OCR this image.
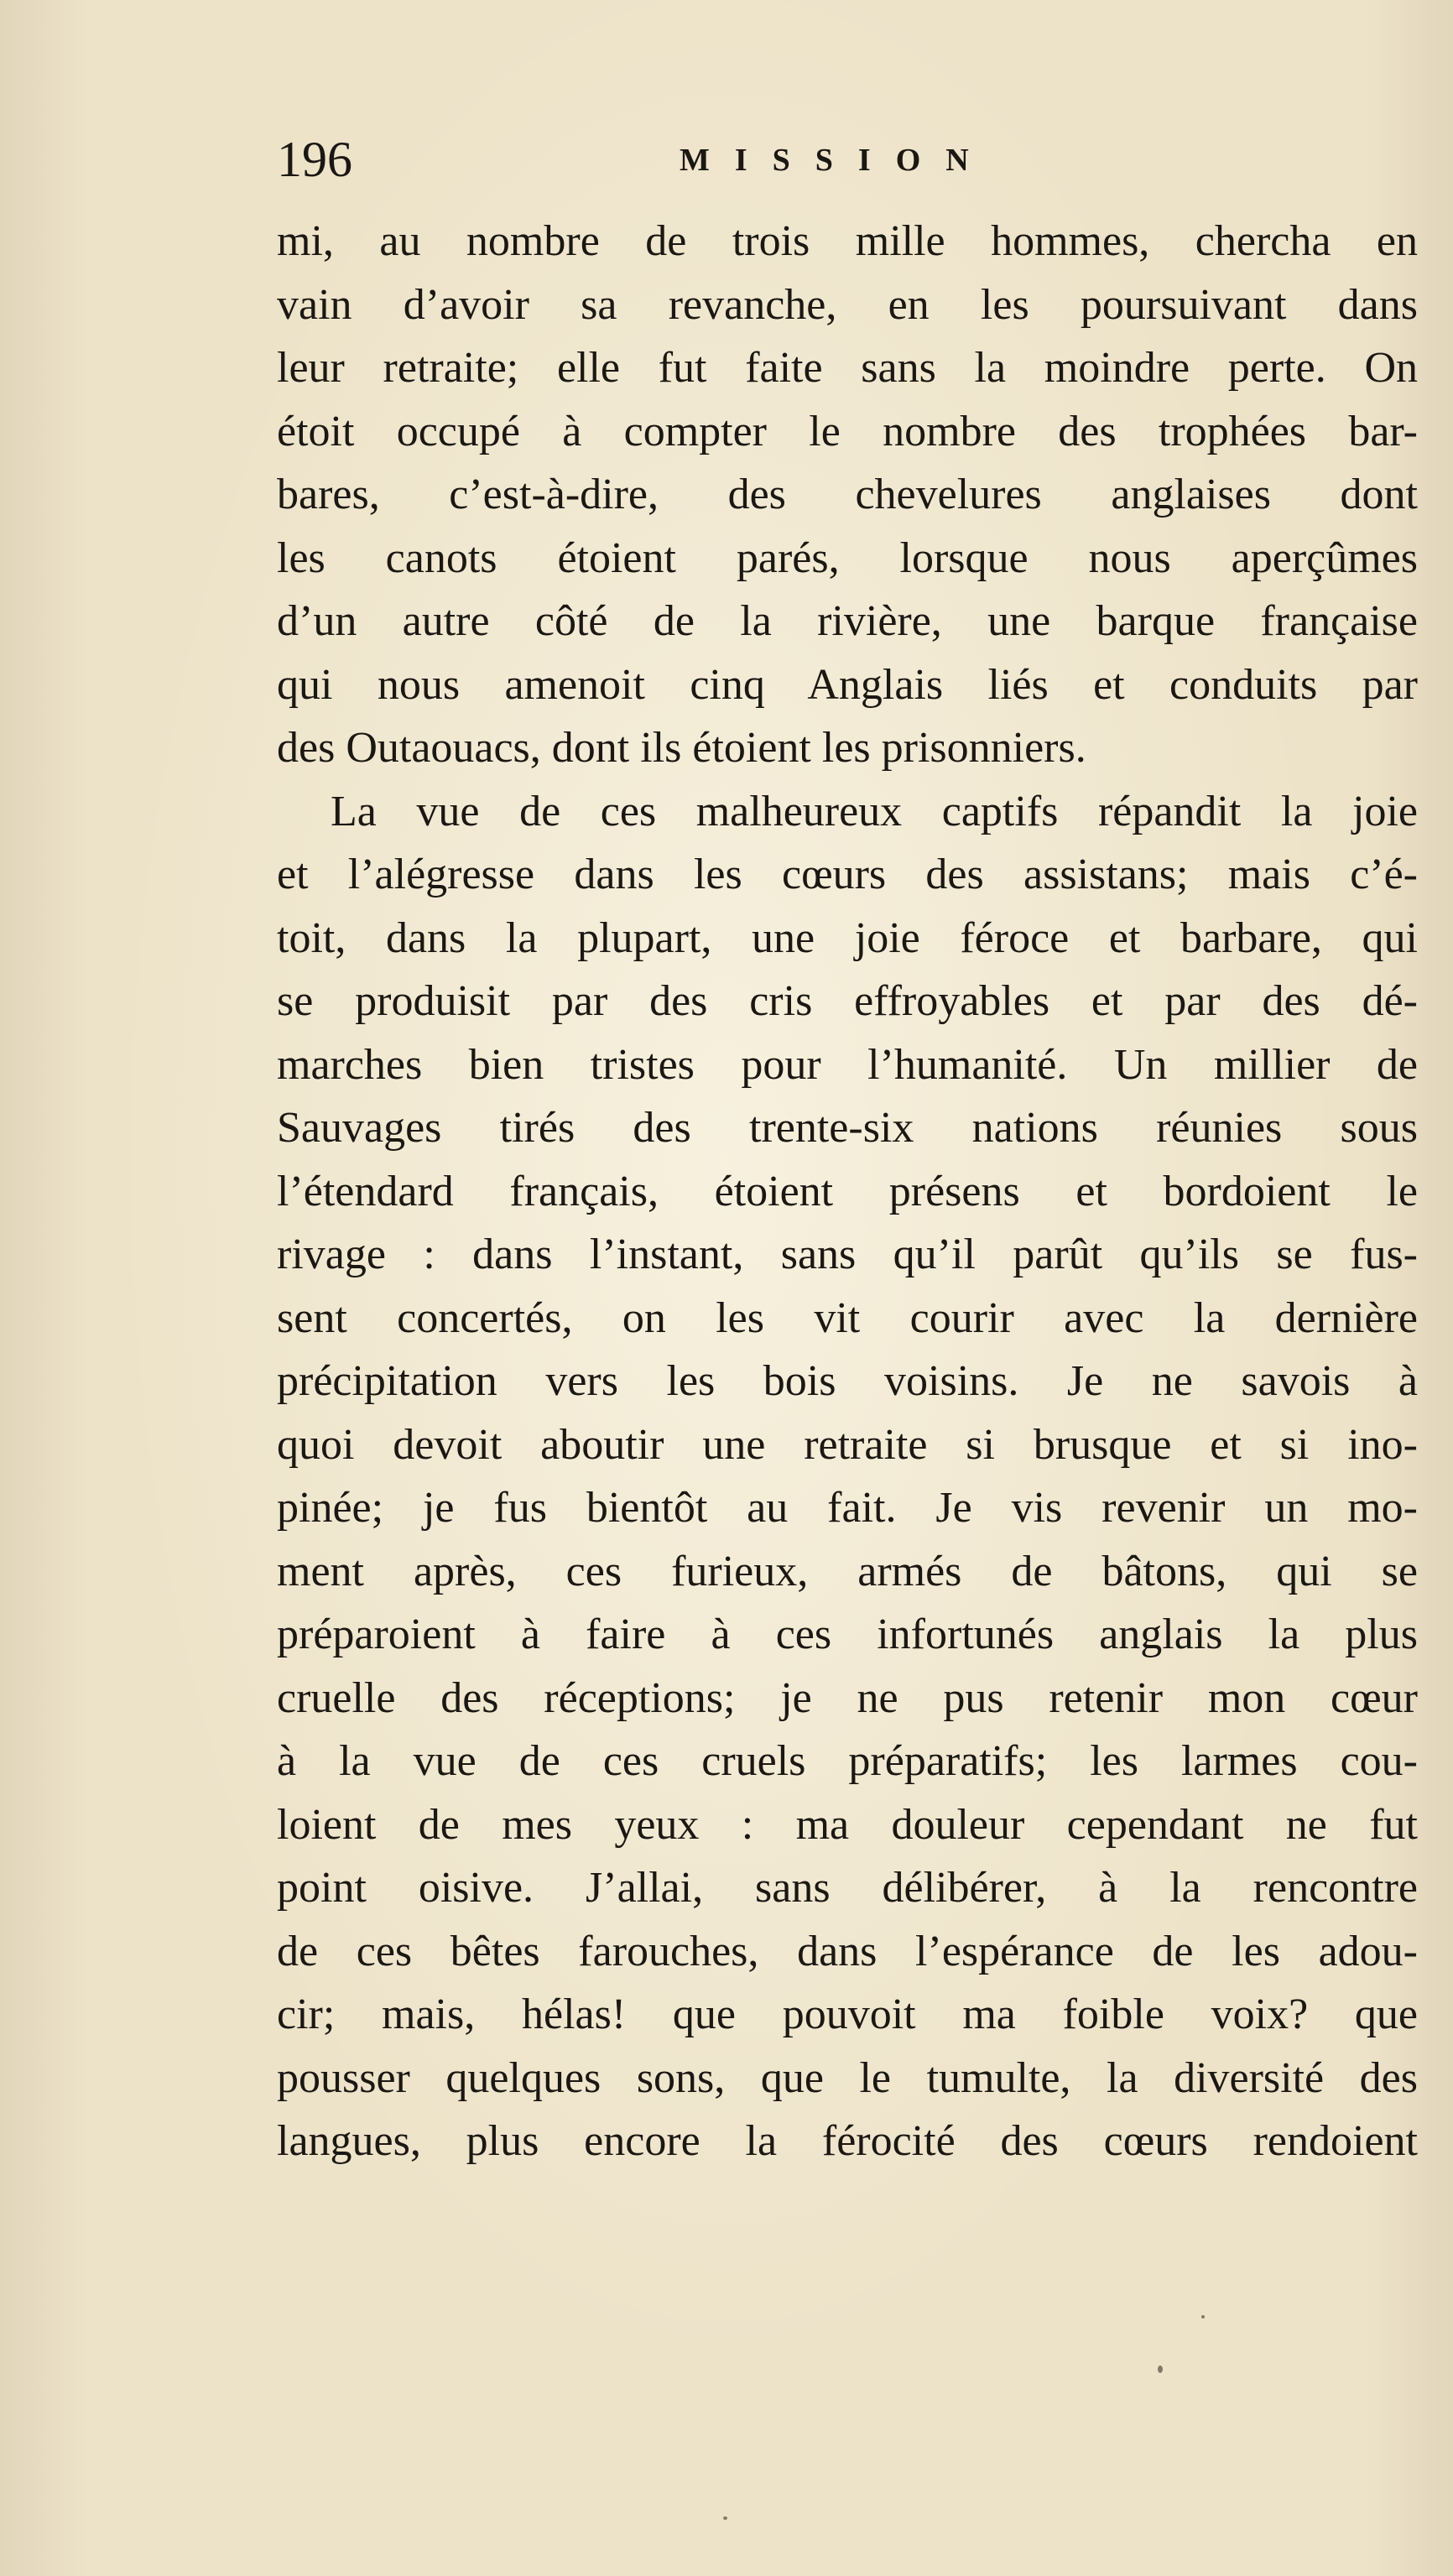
196	MISSION
mi, au nombre de trois mille hommes, chercha en
vain d’avoir sa revanche, en les poursuivant dans
leur retraite; elle fut faite sans la moindre perte. On
étoit occupé à compter le nombre des trophées bar-
bares, c’est-à-dire, des chevelures anglaises dont
les canots étoient parés, lorsque nous aperçûmes
d’un autre côté de la rivière, une barque française
qui nous amenoit cinq Anglais liés et conduits par
des Outaouacs, dont ils étoient les prisonniers.
La vue de ces malheureux captifs répandit la joie
et l’alégresse dans les cœurs des assistans; mais c’é-
toit, dans la plupart, une joie féroce et barbare, qui
se produisit par des cris effroyables et par des dé-
marches bien tristes pour l’humanité. Un millier de
Sauvages tirés des trente-six nations réunies sous
l’étendard français, étoient présens et bordoient le
rivage : dans l’instant, sans qu’il parût qu’ils se fus-
sent concertés, on les vit courir avec la dernière
précipitation vers les bois voisins. Je ne savois à
quoi devoit aboutir une retraite si brusque et si ino-
pinée; je fus bientôt au fait. Je vis revenir un mo-
ment après, ces furieux, armés de bâtons, qui se
préparoient à faire à ces infortunés anglais la plus
cruelle des réceptions; je ne pus retenir mon cœur
à la vue de ces cruels préparatifs; les larmes cou-
loient de mes yeux : ma douleur cependant ne fut
point oisive. J’allai, sans délibérer, à la rencontre
de ces bêtes farouches, dans l’espérance de les adou-
cir; mais, hélas! que pouvoit ma foible voix? que
pousser quelques sons, que le tumulte, la diversité des
langues, plus encore la férocité des cœurs rendoient
